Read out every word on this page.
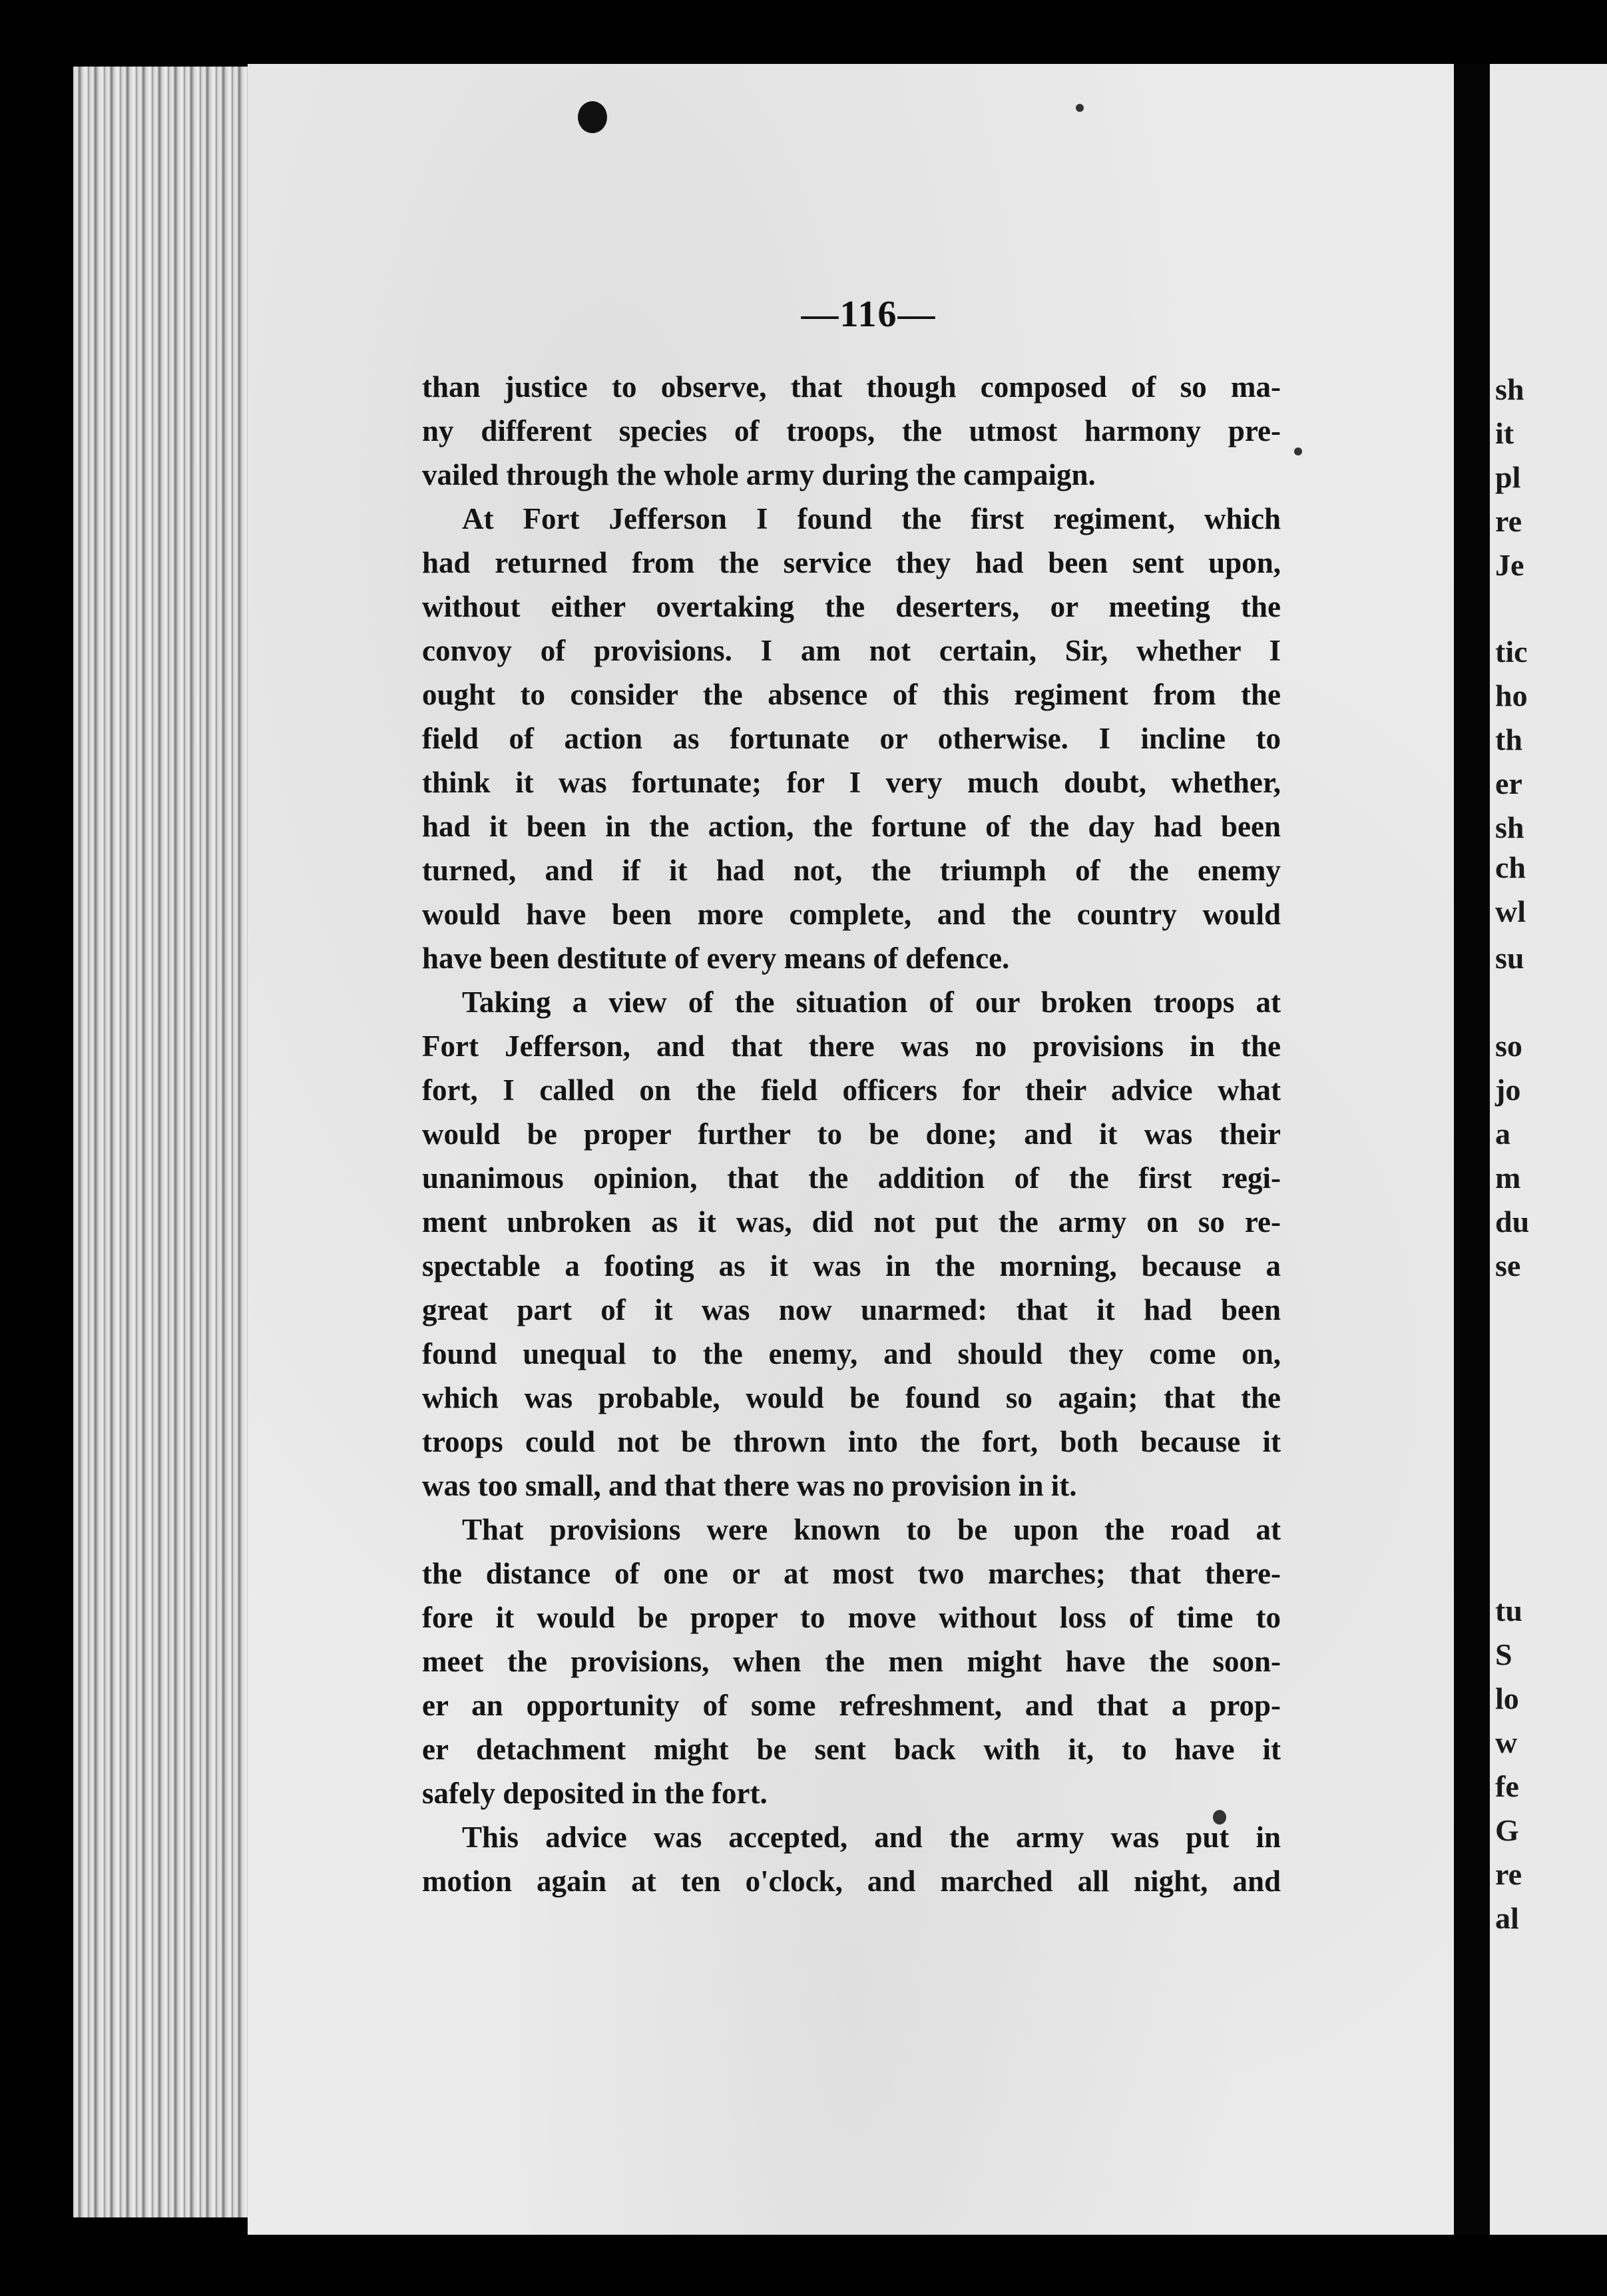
—116—
than justice to observe, that though composed of so ma-
ny different species of troops, the utmost harmony pre-
vailed through the whole army during the campaign.
At Fort Jefferson I found the first regiment, which
had returned from the service they had been sent upon,
without either overtaking the deserters, or meeting the
convoy of provisions. I am not certain, Sir, whether I
ought to consider the absence of this regiment from the
field of action as fortunate or otherwise. I incline to
think it was fortunate; for I very much doubt, whether,
had it been in the action, the fortune of the day had been
turned, and if it had not, the triumph of the enemy
would have been more complete, and the country would
have been destitute of every means of defence.
Taking a view of the situation of our broken troops at
Fort Jefferson, and that there was no provisions in the
fort, I called on the field officers for their advice what
would be proper further to be done; and it was their
unanimous opinion, that the addition of the first regi-
ment unbroken as it was, did not put the army on so re-
spectable a footing as it was in the morning, because a
great part of it was now unarmed: that it had been
found unequal to the enemy, and should they come on,
which was probable, would be found so again; that the
troops could not be thrown into the fort, both because it
was too small, and that there was no provision in it.
That provisions were known to be upon the road at
the distance of one or at most two marches; that there-
fore it would be proper to move without loss of time to
meet the provisions, when the men might have the soon-
er an opportunity of some refreshment, and that a prop-
er detachment might be sent back with it, to have it
safely deposited in the fort.
This advice was accepted, and the army was put in
motion again at ten o'clock, and marched all night, and
sh
it
pl
re
Je
tic
ho
th
er
sh
ch
wl
su
so
jo
a
m
du
se
tu
S
lo
w
fe
G
re
al
